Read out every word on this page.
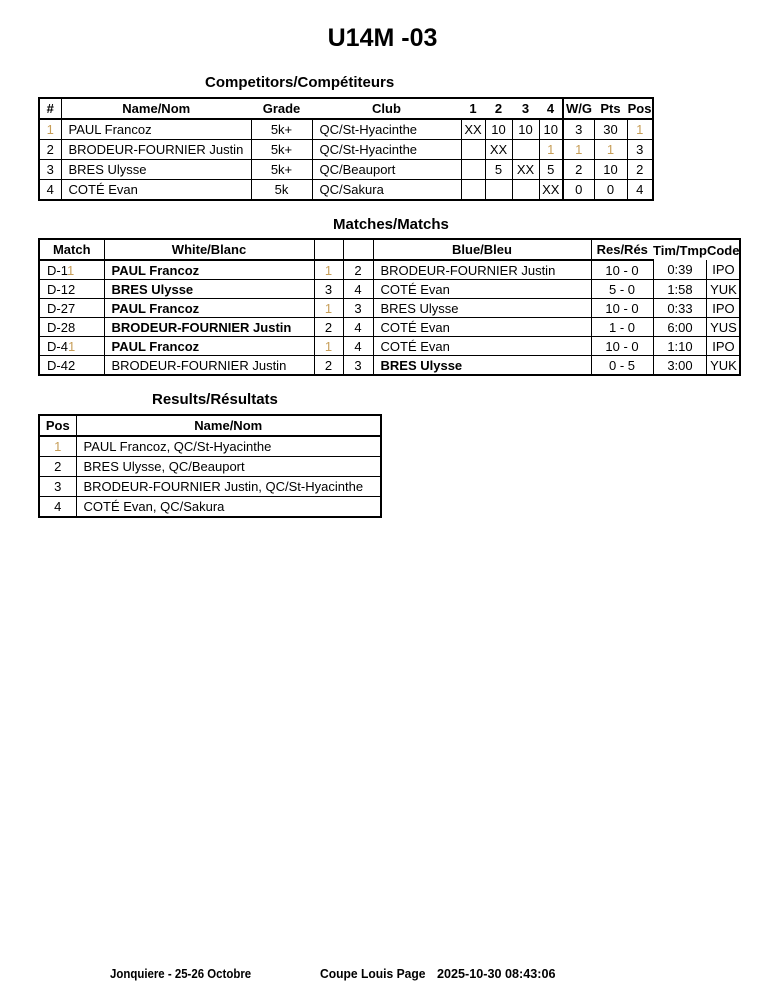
U14M -03
Competitors/Compétiteurs
#	Name/Nom	Grade	Club	1	2	3	4	W/G	Pts	Pos
1	PAUL Francoz	5k+	QC/St-Hyacinthe	XX	10	10	10	3	30	1
2	BRODEUR-FOURNIER Justin	5k+	QC/St-Hyacinthe		XX		1	1	1	3
3	BRES Ulysse	5k+	QC/Beauport		5	XX	5	2	10	2
4	COTÉ Evan	5k	QC/Sakura				XX	0	0	4
Matches/Matchs
Match	White/Blanc			Blue/Bleu	Res/Rés	Tim/Tmp	Code
D-11	PAUL Francoz	1	2	BRODEUR-FOURNIER Justin	10 - 0	0:39	IPO
D-12	BRES Ulysse	3	4	COTÉ Evan	5 - 0	1:58	YUK
D-27	PAUL Francoz	1	3	BRES Ulysse	10 - 0	0:33	IPO
D-28	BRODEUR-FOURNIER Justin	2	4	COTÉ Evan	1 - 0	6:00	YUS
D-41	PAUL Francoz	1	4	COTÉ Evan	10 - 0	1:10	IPO
D-42	BRODEUR-FOURNIER Justin	2	3	BRES Ulysse	0 - 5	3:00	YUK
Results/Résultats
Pos	Name/Nom
1	PAUL Francoz, QC/St-Hyacinthe
2	BRES Ulysse, QC/Beauport
3	BRODEUR-FOURNIER Justin, QC/St-Hyacinthe
4	COTÉ Evan, QC/Sakura
Jonquiere - 25-26 Octobre	Coupe Louis Page 2025-10-30 08:43:06
